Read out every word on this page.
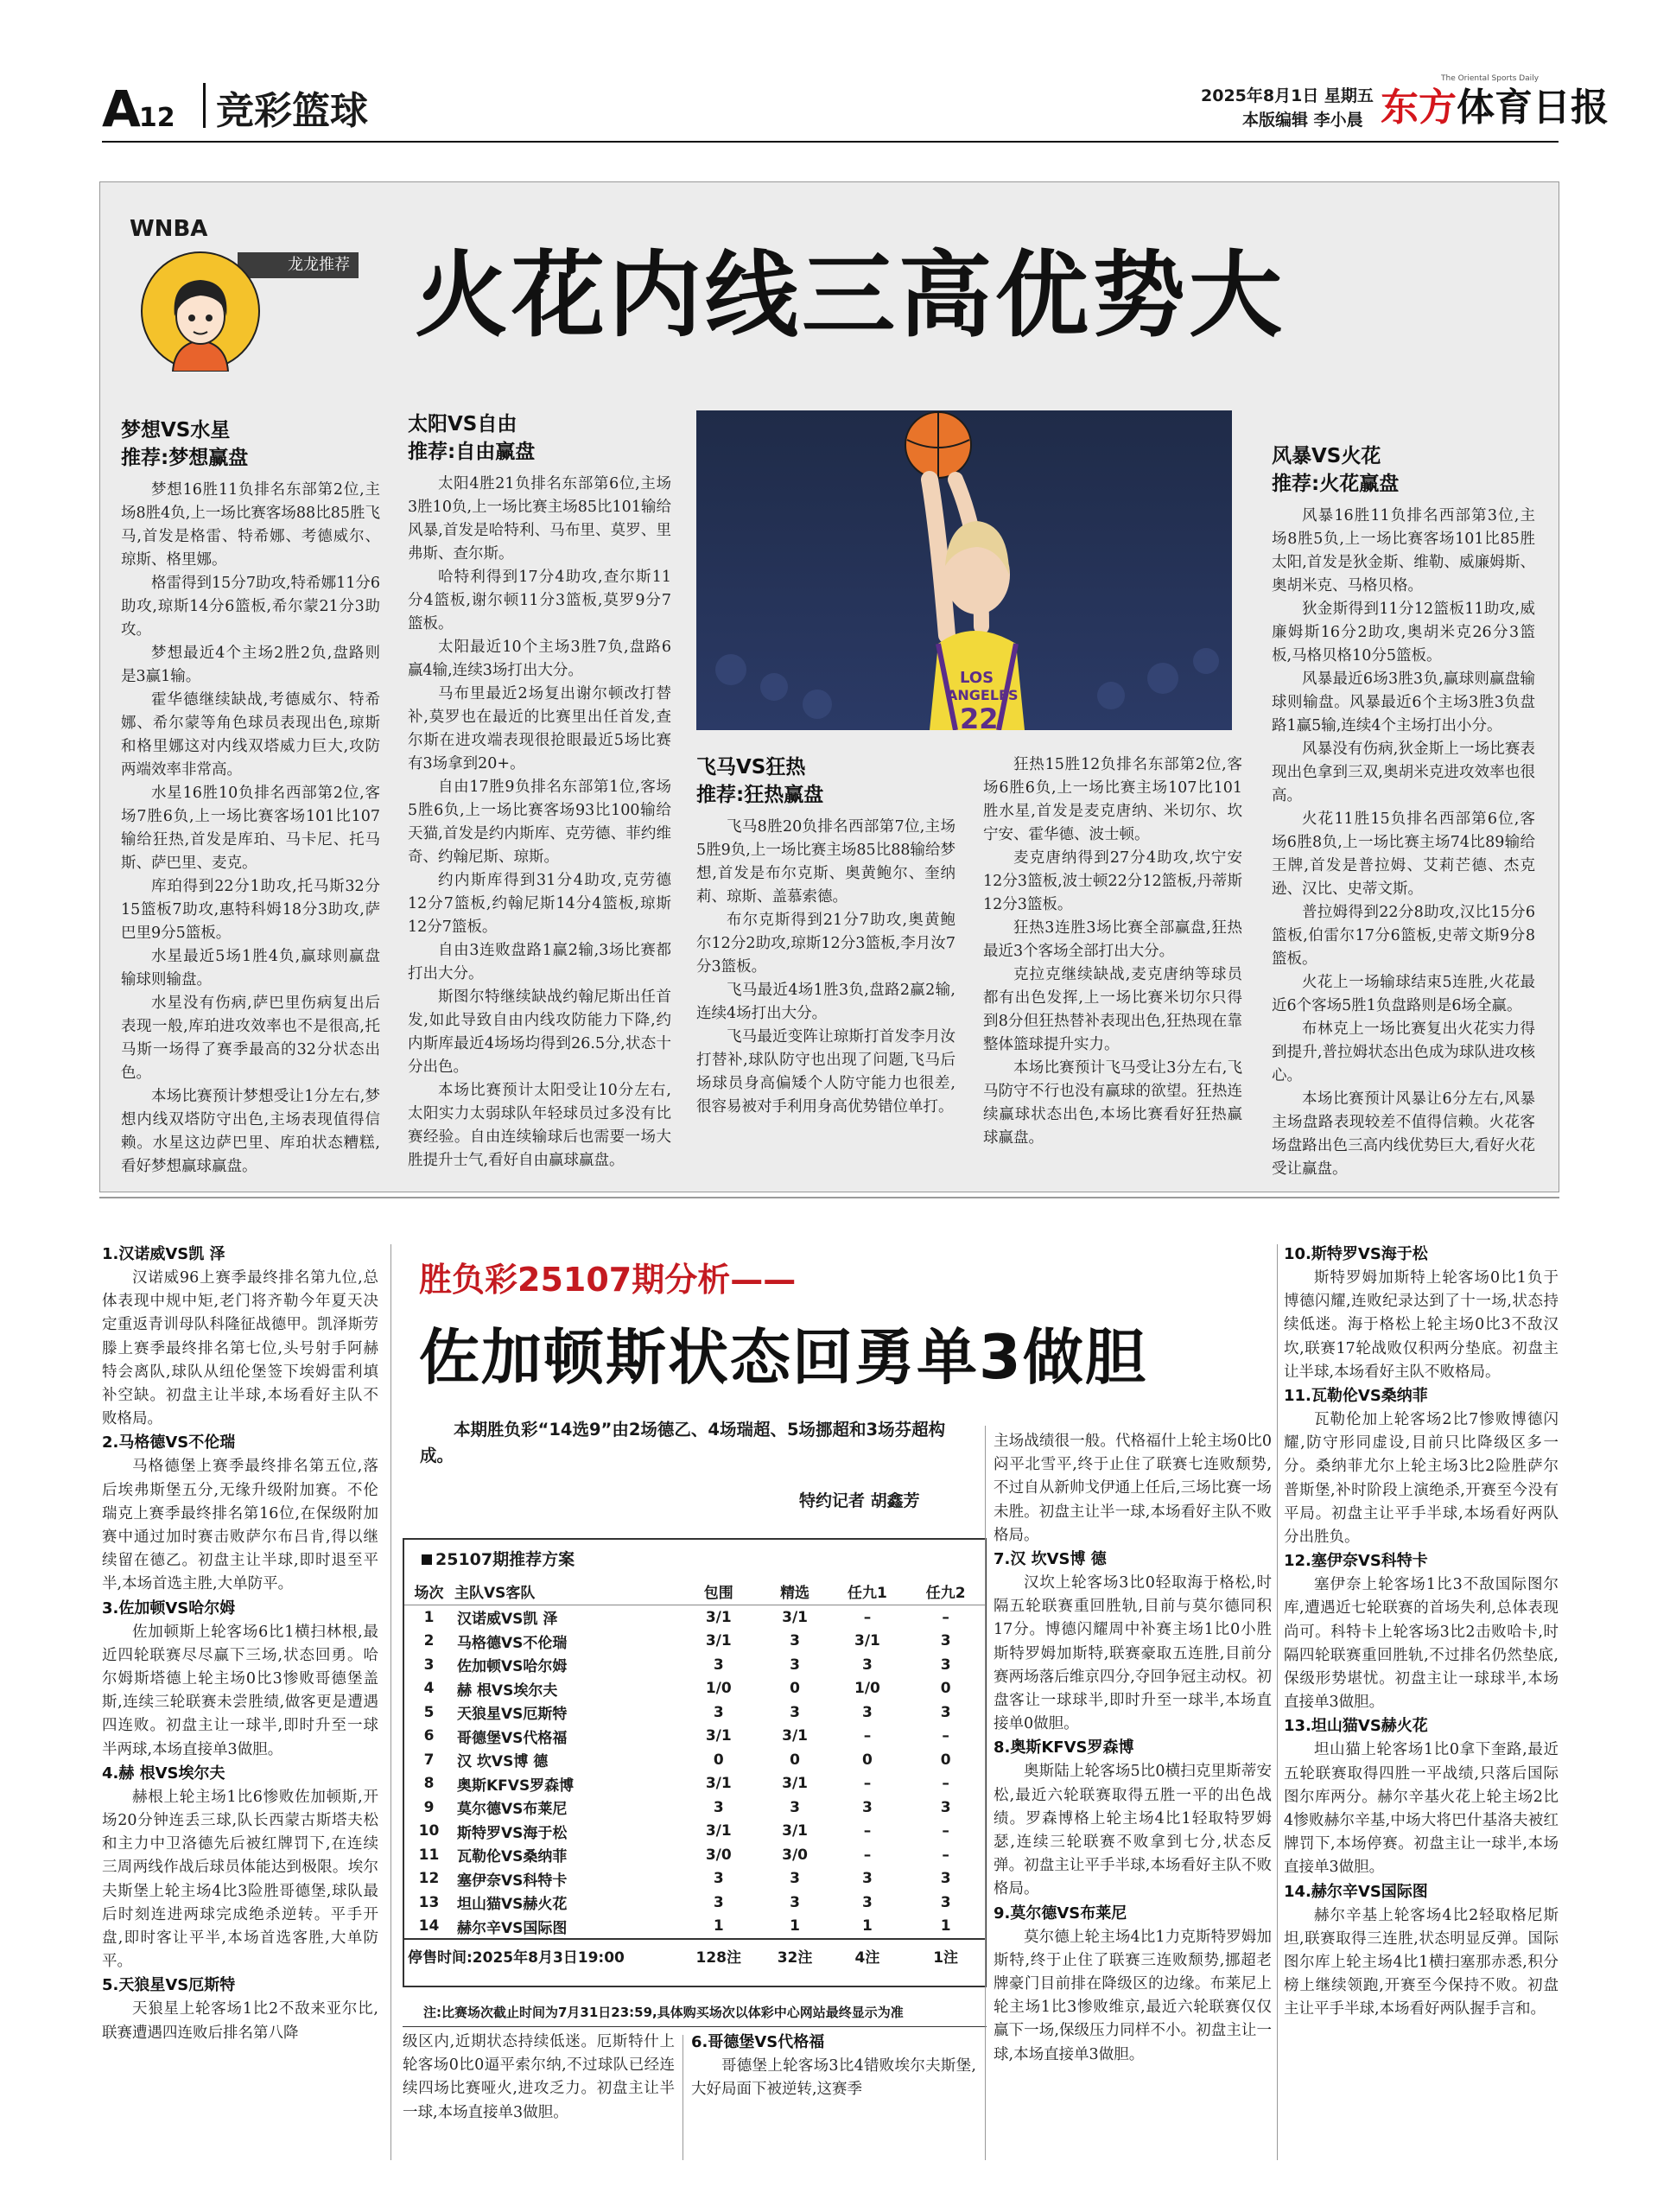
A12 竞彩篮球	2025年8月1日 星期五
本版编辑 李小晨
The Oriental Sports Daily
东方体育日报
WNBA
龙龙推荐 火花内线三高优势大
梦想VS水星
推荐:梦想赢盘

梦想16胜11负排名东部第2位,主场8胜4负,上一场比赛客场88比85胜飞马,首发是格雷、特希娜、考德威尔、琼斯、格里娜。

格雷得到15分7助攻,特希娜11分6助攻,琼斯14分6篮板,希尔蒙21分3助攻。

梦想最近4个主场2胜2负,盘路则是3赢1输。

霍华德继续缺战,考德威尔、特希娜、希尔蒙等角色球员表现出色,琼斯和格里娜这对内线双塔威力巨大,攻防两端效率非常高。

水星16胜10负排名西部第2位,客场7胜6负,上一场比赛客场101比107输给狂热,首发是库珀、马卡尼、托马斯、萨巴里、麦克。

库珀得到22分1助攻,托马斯32分15篮板7助攻,惠特科姆18分3助攻,萨巴里9分5篮板。

水星最近5场1胜4负,赢球则赢盘输球则输盘。

水星没有伤病,萨巴里伤病复出后表现一般,库珀进攻效率也不是很高,托马斯一场得了赛季最高的32分状态出色。

本场比赛预计梦想受让1分左右,梦想内线双塔防守出色,主场表现值得信赖。水星这边萨巴里、库珀状态糟糕,看好梦想赢球赢盘。

太阳VS自由
推荐:自由赢盘

太阳4胜21负排名东部第6位,主场3胜10负,上一场比赛主场85比101输给风暴,首发是哈特利、马布里、莫罗、里弗斯、查尔斯。

哈特利得到17分4助攻,查尔斯11分4篮板,谢尔顿11分3篮板,莫罗9分7篮板。

太阳最近10个主场3胜7负,盘路6赢4输,连续3场打出大分。

马布里最近2场复出谢尔顿改打替补,莫罗也在最近的比赛里出任首发,查尔斯在进攻端表现很抢眼最近5场比赛有3场拿到20+。

自由17胜9负排名东部第1位,客场5胜6负,上一场比赛客场93比100输给天猫,首发是约内斯库、克劳德、菲约维奇、约翰尼斯、琼斯。

约内斯库得到31分4助攻,克劳德12分7篮板,约翰尼斯14分4篮板,琼斯12分7篮板。

自由3连败盘路1赢2输,3场比赛都打出大分。

斯图尔特继续缺战约翰尼斯出任首发,如此导致自由内线攻防能力下降,约内斯库最近4场场均得到26.5分,状态十分出色。

本场比赛预计太阳受让10分左右,太阳实力太弱球队年轻球员过多没有比赛经验。自由连续输球后也需要一场大胜提升士气,看好自由赢球赢盘。

LOS
ANGELES
22
飞马VS狂热
推荐:狂热赢盘

飞马8胜20负排名西部第7位,主场5胜9负,上一场比赛主场85比88输给梦想,首发是布尔克斯、奥黄鲍尔、奎纳莉、琼斯、盖慕索德。

布尔克斯得到21分7助攻,奥黄鲍尔12分2助攻,琼斯12分3篮板,李月汝7分3篮板。

飞马最近4场1胜3负,盘路2赢2输,连续4场打出大分。

飞马最近变阵让琼斯打首发李月汝打替补,球队防守也出现了问题,飞马后场球员身高偏矮个人防守能力也很差,很容易被对手利用身高优势错位单打。

狂热15胜12负排名东部第2位,客场6胜6负,上一场比赛主场107比101胜水星,首发是麦克唐纳、米切尔、坎宁安、霍华德、波士顿。

麦克唐纳得到27分4助攻,坎宁安12分3篮板,波士顿22分12篮板,丹蒂斯12分3篮板。

狂热3连胜3场比赛全部赢盘,狂热最近3个客场全部打出大分。

克拉克继续缺战,麦克唐纳等球员都有出色发挥,上一场比赛米切尔只得到8分但狂热替补表现出色,狂热现在靠整体篮球提升实力。

本场比赛预计飞马受让3分左右,飞马防守不行也没有赢球的欲望。狂热连续赢球状态出色,本场比赛看好狂热赢球赢盘。

风暴VS火花
推荐:火花赢盘

风暴16胜11负排名西部第3位,主场8胜5负,上一场比赛客场101比85胜太阳,首发是狄金斯、维勒、威廉姆斯、奥胡米克、马格贝格。

狄金斯得到11分12篮板11助攻,威廉姆斯16分2助攻,奥胡米克26分3篮板,马格贝格10分5篮板。

风暴最近6场3胜3负,赢球则赢盘输球则输盘。风暴最近6个主场3胜3负盘路1赢5输,连续4个主场打出小分。

风暴没有伤病,狄金斯上一场比赛表现出色拿到三双,奥胡米克进攻效率也很高。

火花11胜15负排名西部第6位,客场6胜8负,上一场比赛主场74比89输给王牌,首发是普拉姆、艾莉芒德、杰克逊、汉比、史蒂文斯。

普拉姆得到22分8助攻,汉比15分6篮板,伯雷尔17分6篮板,史蒂文斯9分8篮板。

火花上一场输球结束5连胜,火花最近6个客场5胜1负盘路则是6场全赢。

布林克上一场比赛复出火花实力得到提升,普拉姆状态出色成为球队进攻核心。

本场比赛预计风暴让6分左右,风暴主场盘路表现较差不值得信赖。火花客场盘路出色三高内线优势巨大,看好火花受让赢盘。

1.汉诺威VS凯 泽

汉诺威96上赛季最终排名第九位,总体表现中规中矩,老门将齐勒今年夏天决定重返青训母队科隆征战德甲。凯泽斯劳滕上赛季最终排名第七位,头号射手阿赫特会离队,球队从纽伦堡签下埃姆雷利填补空缺。初盘主让半球,本场看好主队不败格局。

2.马格德VS不伦瑞

马格德堡上赛季最终排名第五位,落后埃弗斯堡五分,无缘升级附加赛。不伦瑞克上赛季最终排名第16位,在保级附加赛中通过加时赛击败萨尔布吕肯,得以继续留在德乙。初盘主让半球,即时退至平半,本场首选主胜,大单防平。

3.佐加顿VS哈尔姆

佐加顿斯上轮客场6比1横扫林根,最近四轮联赛尽尽赢下三场,状态回勇。哈尔姆斯塔德上轮主场0比3惨败哥德堡盖斯,连续三轮联赛未尝胜绩,做客更是遭遇四连败。初盘主让一球半,即时升至一球半两球,本场直接单3做胆。

4.赫 根VS埃尔夫

赫根上轮主场1比6惨败佐加顿斯,开场20分钟连丢三球,队长西蒙古斯塔夫松和主力中卫洛德先后被红牌罚下,在连续三周两线作战后球员体能达到极限。埃尔夫斯堡上轮主场4比3险胜哥德堡,球队最后时刻连进两球完成绝杀逆转。平手开盘,即时客让平半,本场首选客胜,大单防平。

5.天狼星VS厄斯特

天狼星上轮客场1比2不敌来亚尔比,联赛遭遇四连败后排名第八降

胜负彩25107期分析——
佐加顿斯状态回勇单3做胆
本期胜负彩“14选9”由2场德乙、4场瑞超、5场挪超和3场芬超构成。
特约记者 胡鑫芳
25107期推荐方案
场次	主队VS客队	包围	精选	任九1	任九2
1	汉诺威VS凯 泽	3/1	3/1	–	–
2	马格德VS不伦瑞	3/1	3	3/1	3
3	佐加顿VS哈尔姆	3	3	3	3
4	赫 根VS埃尔夫	1/0	0	1/0	0
5	天狼星VS厄斯特	3	3	3	3
6	哥德堡VS代格福	3/1	3/1	–	–
7	汉 坎VS博 德	0	0	0	0
8	奥斯KFVS罗森博	3/1	3/1	–	–
9	莫尔德VS布莱尼	3	3	3	3
10	斯特罗VS海于松	3/1	3/1	–	–
11	瓦勒伦VS桑纳菲	3/0	3/0	–	–
12	塞伊奈VS科特卡	3	3	3	3
13	坦山猫VS赫火花	3	3	3	3
14	赫尔辛VS国际图	1	1	1	1
停售时间:2025年8月3日19:00		128注	32注	4注	1注
注:比赛场次截止时间为7月31日23:59,具体购买场次以体彩中心网站最终显示为准

级区内,近期状态持续低迷。厄斯特什上轮客场0比0逼平索尔纳,不过球队已经连续四场比赛哑火,进攻乏力。初盘主让半一球,本场直接单3做胆。

6.哥德堡VS代格福

哥德堡上轮客场3比4错败埃尔夫斯堡,大好局面下被逆转,这赛季

主场战绩很一般。代格福什上轮主场0比0闷平北雪平,终于止住了联赛七连败颓势,不过自从新帅戈伊通上任后,三场比赛一场未胜。初盘主让半一球,本场看好主队不败格局。

7.汉 坎VS博 德

汉坎上轮客场3比0轻取海于格松,时隔五轮联赛重回胜轨,目前与莫尔德同积17分。博德闪耀周中补赛主场1比0小胜斯特罗姆加斯特,联赛豪取五连胜,目前分赛两场落后维京四分,夺回争冠主动权。初盘客让一球球半,即时升至一球半,本场直接单0做胆。

8.奥斯KFVS罗森博

奥斯陆上轮客场5比0横扫克里斯蒂安松,最近六轮联赛取得五胜一平的出色战绩。罗森博格上轮主场4比1轻取特罗姆瑟,连续三轮联赛不败拿到七分,状态反弹。初盘主让平手半球,本场看好主队不败格局。

9.莫尔德VS布莱尼

莫尔德上轮主场4比1力克斯特罗姆加斯特,终于止住了联赛三连败颓势,挪超老牌豪门目前排在降级区的边缘。布莱尼上轮主场1比3惨败维京,最近六轮联赛仅仅赢下一场,保级压力同样不小。初盘主让一球,本场直接单3做胆。

10.斯特罗VS海于松

斯特罗姆加斯特上轮客场0比1负于博德闪耀,连败纪录达到了十一场,状态持续低迷。海于格松上轮主场0比3不敌汉坎,联赛17轮战败仅积两分垫底。初盘主让半球,本场看好主队不败格局。

11.瓦勒伦VS桑纳菲

瓦勒伦加上轮客场2比7惨败博德闪耀,防守形同虚设,目前只比降级区多一分。桑纳菲尤尔上轮主场3比2险胜萨尔普斯堡,补时阶段上演绝杀,开赛至今没有平局。初盘主让平手半球,本场看好两队分出胜负。

12.塞伊奈VS科特卡

塞伊奈上轮客场1比3不敌国际图尔库,遭遇近七轮联赛的首场失利,总体表现尚可。科特卡上轮客场3比2击败哈卡,时隔四轮联赛重回胜轨,不过排名仍然垫底,保级形势堪忧。初盘主让一球球半,本场直接单3做胆。

13.坦山猫VS赫火花

坦山猫上轮客场1比0拿下奎路,最近五轮联赛取得四胜一平战绩,只落后国际图尔库两分。赫尔辛基火花上轮主场2比4惨败赫尔辛基,中场大将巴什基洛夫被红牌罚下,本场停赛。初盘主让一球半,本场直接单3做胆。

14.赫尔辛VS国际图

赫尔辛基上轮客场4比2轻取格尼斯坦,联赛取得三连胜,状态明显反弹。国际图尔库上轮主场4比1横扫塞那赤悉,积分榜上继续领跑,开赛至今保持不败。初盘主让平手半球,本场看好两队握手言和。
